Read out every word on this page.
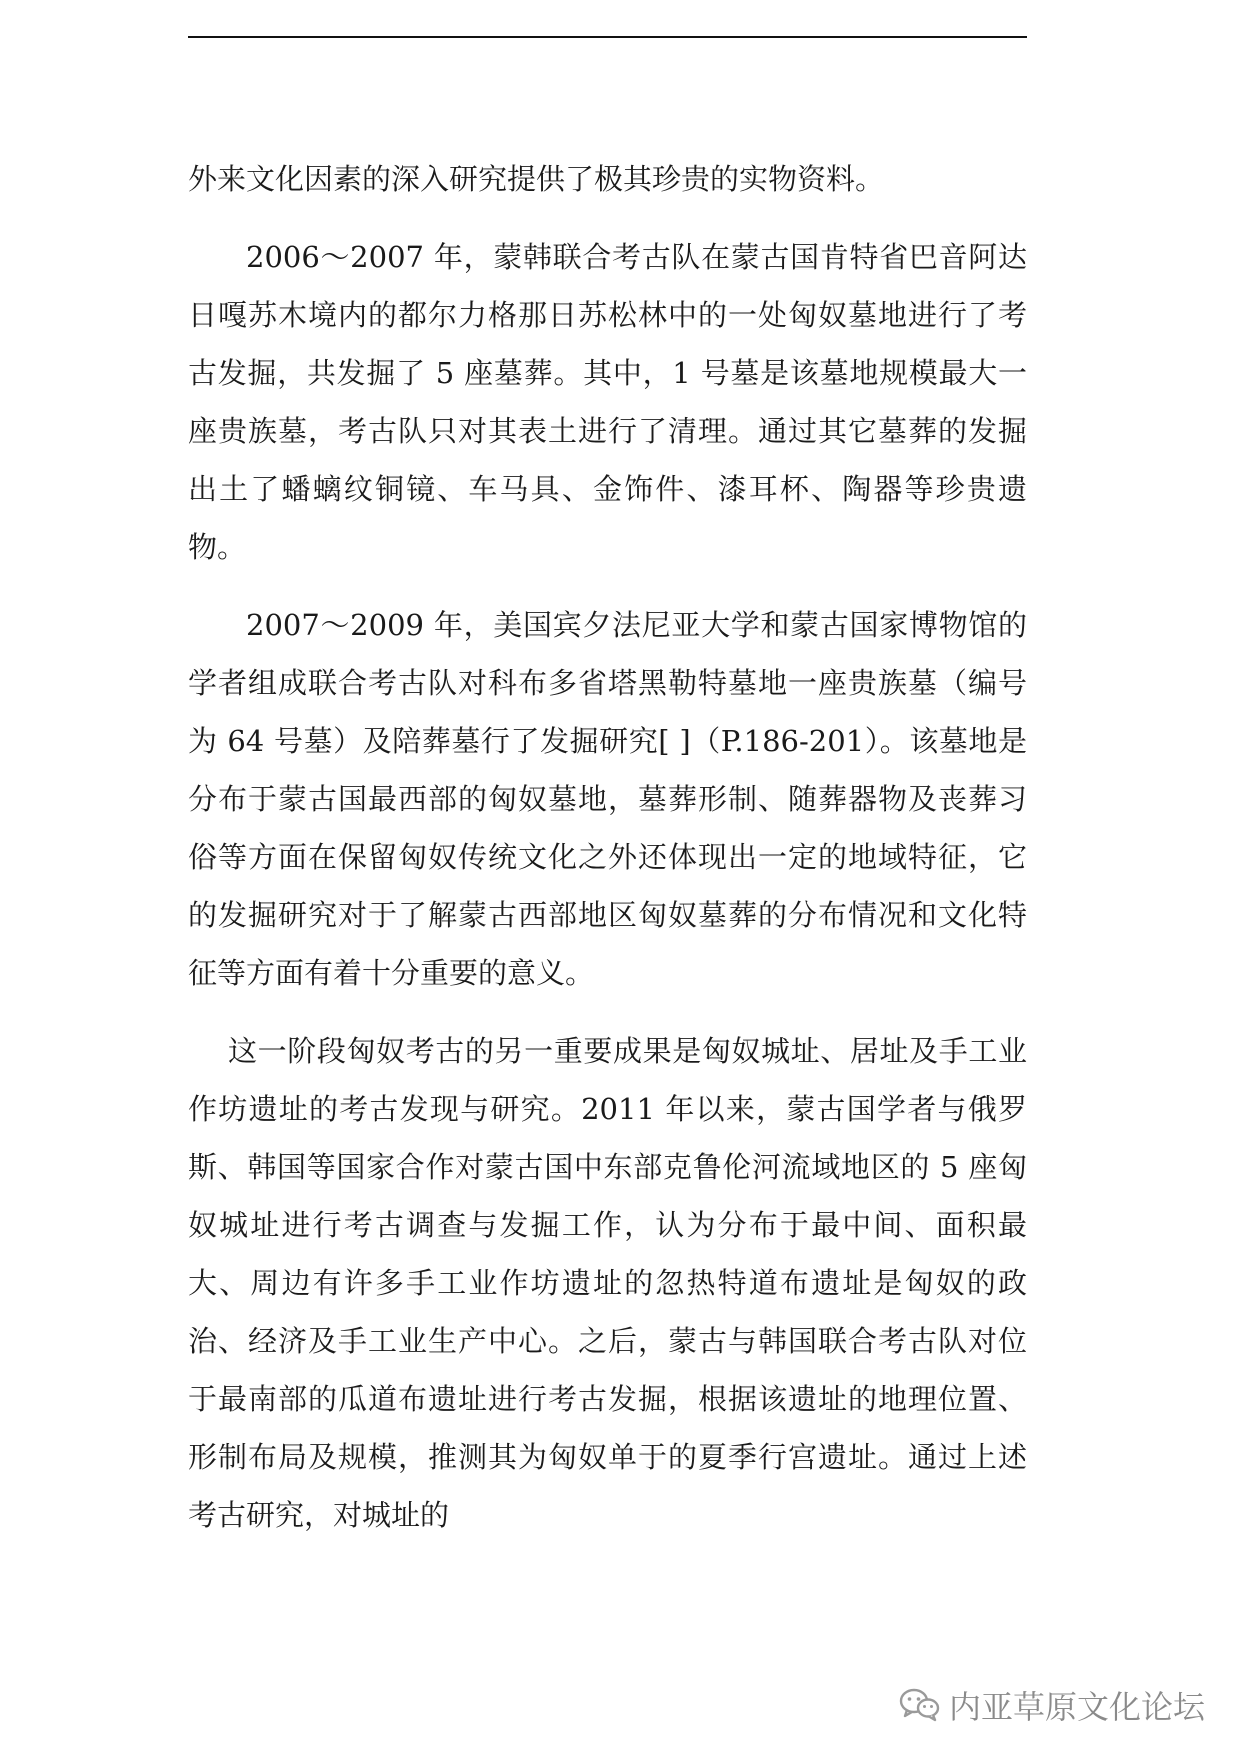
外来文化因素的深入研究提供了极其珍贵的实物资料。

2006～2007 年，蒙韩联合考古队在蒙古国肯特省巴音阿达日嘎苏木境内的都尔力格那日苏松林中的一处匈奴墓地进行了考古发掘，共发掘了 5 座墓葬。其中，1 号墓是该墓地规模最大一座贵族墓，考古队只对其表土进行了清理。通过其它墓葬的发掘出土了蟠螭纹铜镜、车马具、金饰件、漆耳杯、陶器等珍贵遗物。

2007～2009 年，美国宾夕法尼亚大学和蒙古国家博物馆的学者组成联合考古队对科布多省塔黑勒特墓地一座贵族墓（编号为 64 号墓）及陪葬墓行了发掘研究[ ]（P.186-201）。该墓地是分布于蒙古国最西部的匈奴墓地，墓葬形制、随葬器物及丧葬习俗等方面在保留匈奴传统文化之外还体现出一定的地域特征，它的发掘研究对于了解蒙古西部地区匈奴墓葬的分布情况和文化特征等方面有着十分重要的意义。

这一阶段匈奴考古的另一重要成果是匈奴城址、居址及手工业作坊遗址的考古发现与研究。2011 年以来，蒙古国学者与俄罗斯、韩国等国家合作对蒙古国中东部克鲁伦河流域地区的 5 座匈奴城址进行考古调查与发掘工作，认为分布于最中间、面积最大、周边有许多手工业作坊遗址的忽热特道布遗址是匈奴的政治、经济及手工业生产中心。之后，蒙古与韩国联合考古队对位于最南部的瓜道布遗址进行考古发掘，根据该遗址的地理位置、形制布局及规模，推测其为匈奴单于的夏季行宫遗址。通过上述考古研究，对城址的

内亚草原文化论坛
